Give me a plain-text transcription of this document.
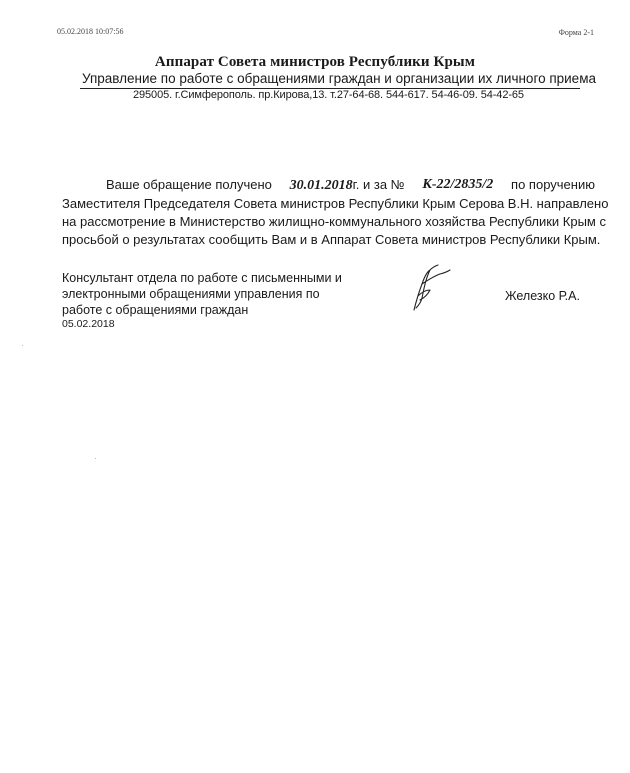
05.02.2018 10:07:56	Форма 2-1
Аппарат Совета министров Республики Крым
Управление по работе с обращениями граждан и организации их личного приема
295005. г.Симферополь. пр.Кирова,13. т.27-64-68. 544-617. 54-46-09. 54-42-65
Ваше обращение получено 30.01.2018г. и за № К-22/2835/2 по поручению
Заместителя Председателя Совета министров Республики Крым Серова В.Н. направлено
на рассмотрение в Министерство жилищно-коммунального хозяйства Республики Крым с
просьбой о результатах сообщить Вам и в Аппарат Совета министров Республики Крым.
Консультант отдела по работе с письменными и
электронными обращениями управления по
работе с обращениями граждан
05.02.2018
Железко Р.А.
